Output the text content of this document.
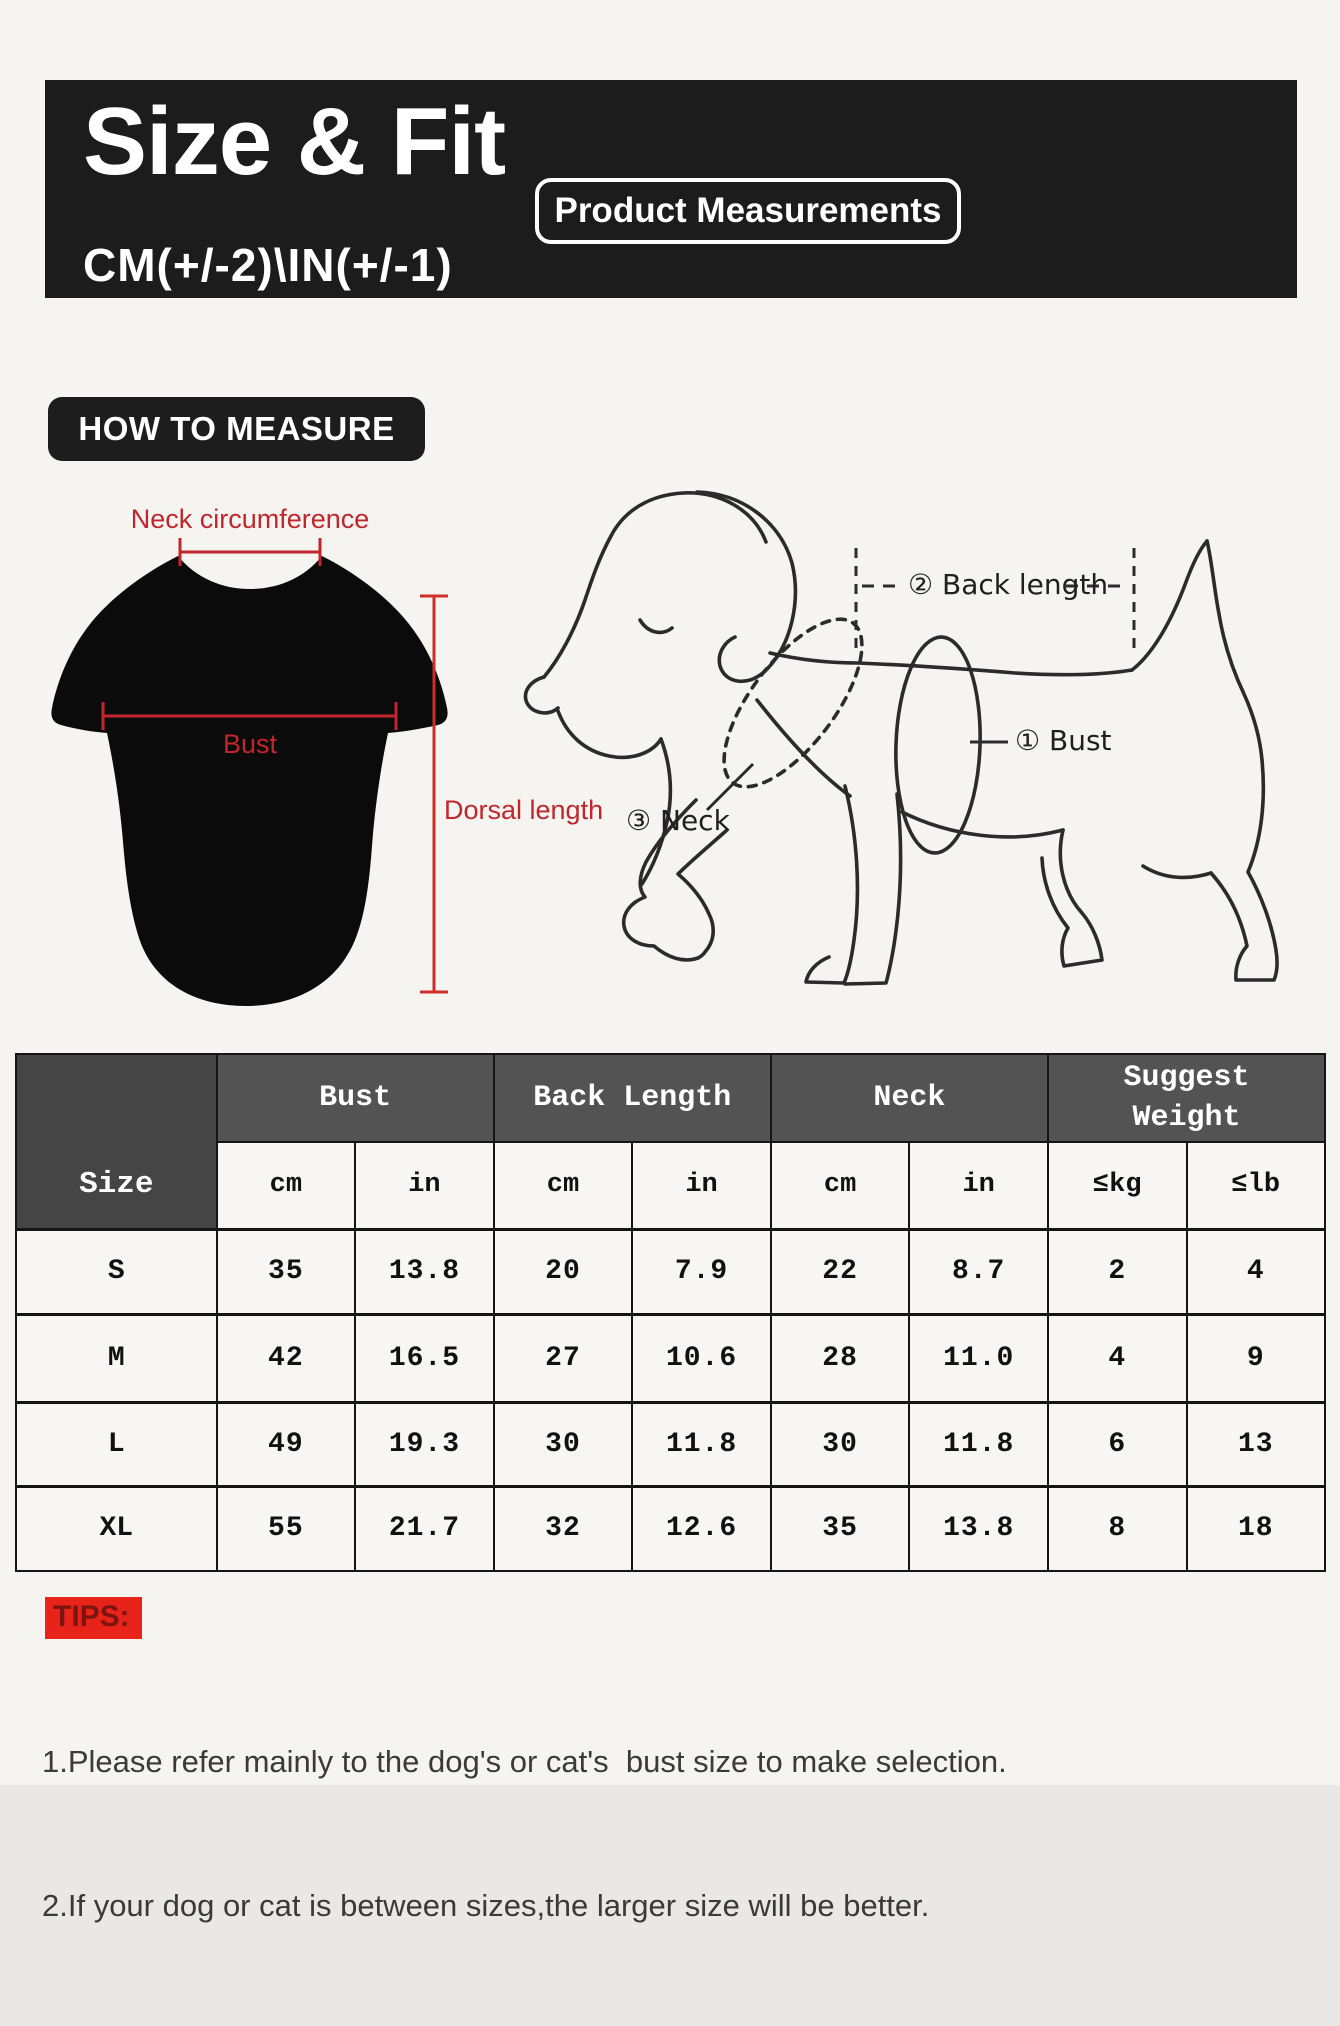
Size & Fit
Product Measurements
CM(+/-2)\IN(+/-1)
HOW TO MEASURE
Neck circumference
Bust
Dorsal length
② Back length
① Bust
③ Neck
Size	Bust		Back Length		Neck		Suggest Weight	
	cm	in	cm	in	cm	in	≤kg	≤lb
S	35	13.8	20	7.9	22	8.7	2	4
M	42	16.5	27	10.6	28	11.0	4	9
L	49	19.3	30	11.8	30	11.8	6	13
XL	55	21.7	32	12.6	35	13.8	8	18
TIPS:

1.Please refer mainly to the dog's or cat's  bust size to make selection.

2.If your dog or cat is between sizes,the larger size will be better.
